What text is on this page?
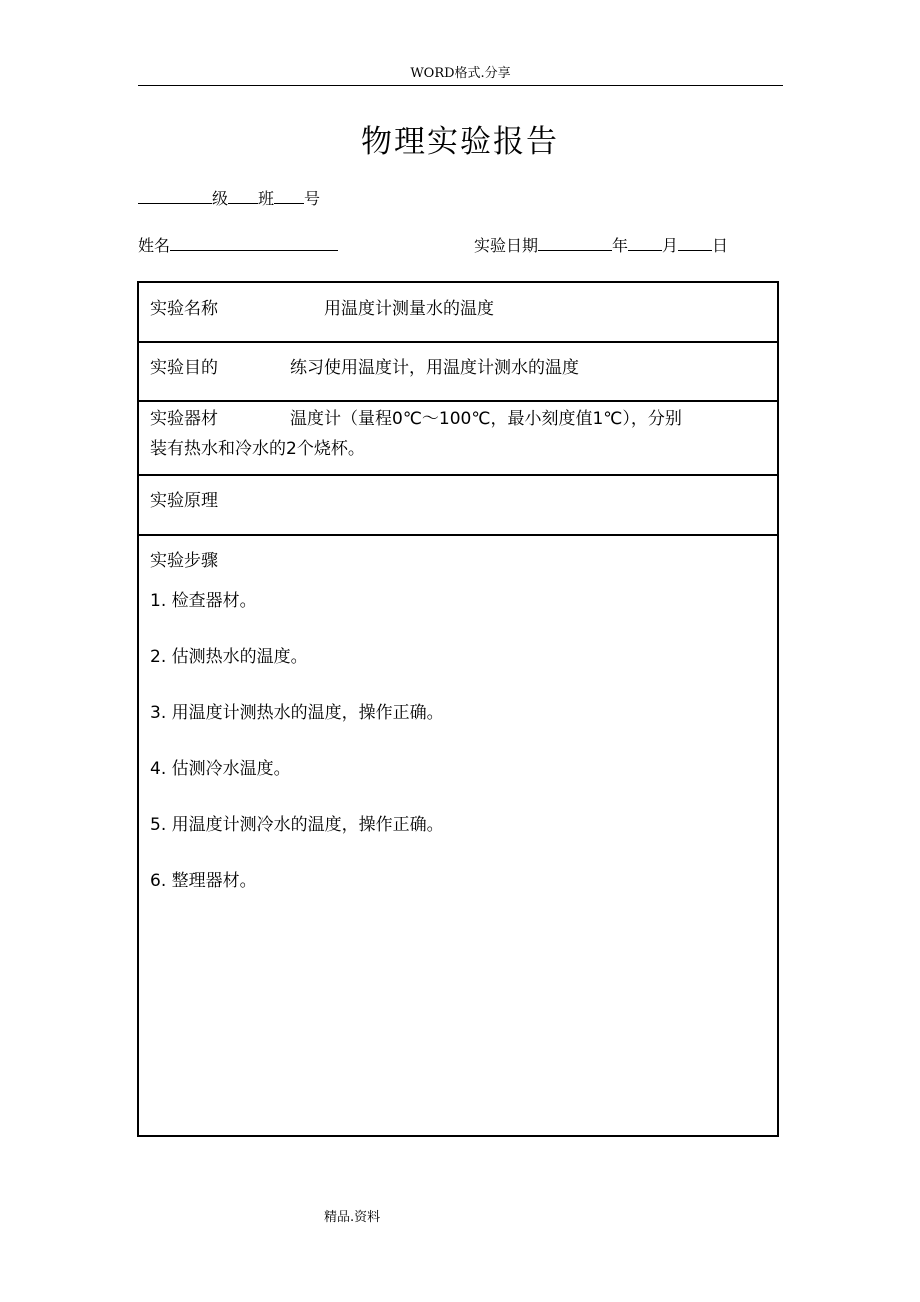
WORD格式.分享
物理实验报告
级 班 号
姓名	实验日期	年 月 日
实验名称	用温度计测量水的温度
实验目的	练习使用温度计，用温度计测水的温度
实验器材	温度计（量程0℃～100℃，最小刻度值1℃），分别
装有热水和冷水的2个烧杯。
实验原理
实验步骤
1. 检查器材。
2. 估测热水的温度。
3. 用温度计测热水的温度，操作正确。
4. 估测冷水温度。
5. 用温度计测冷水的温度，操作正确。
6. 整理器材。
精品.资料
